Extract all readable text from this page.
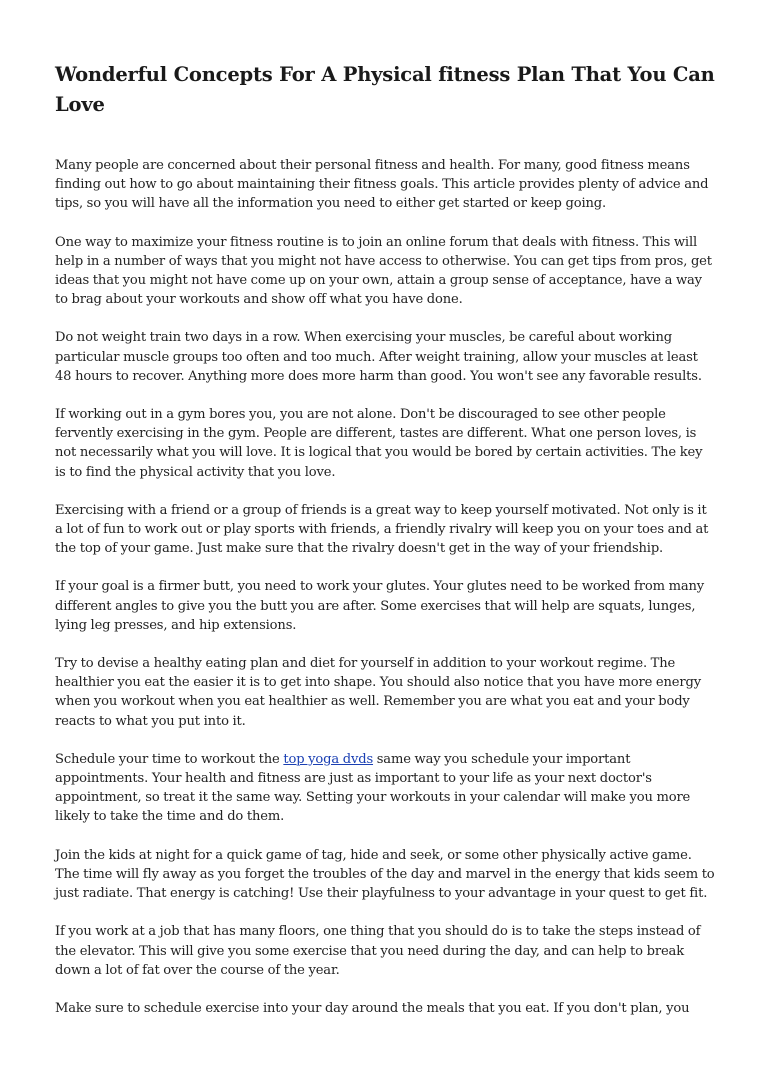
Wonderful Concepts For A Physical fitness Plan That You Can Love

Many people are concerned about their personal fitness and health. For many, good fitness means finding out how to go about maintaining their fitness goals. This article provides plenty of advice and tips, so you will have all the information you need to either get started or keep going.

One way to maximize your fitness routine is to join an online forum that deals with fitness. This will help in a number of ways that you might not have access to otherwise. You can get tips from pros, get ideas that you might not have come up on your own, attain a group sense of acceptance, have a way to brag about your workouts and show off what you have done.

Do not weight train two days in a row. When exercising your muscles, be careful about working particular muscle groups too often and too much. After weight training, allow your muscles at least 48 hours to recover. Anything more does more harm than good. You won't see any favorable results.

If working out in a gym bores you, you are not alone. Don't be discouraged to see other people fervently exercising in the gym. People are different, tastes are different. What one person loves, is not necessarily what you will love. It is logical that you would be bored by certain activities. The key is to find the physical activity that you love.

Exercising with a friend or a group of friends is a great way to keep yourself motivated. Not only is it a lot of fun to work out or play sports with friends, a friendly rivalry will keep you on your toes and at the top of your game. Just make sure that the rivalry doesn't get in the way of your friendship.

If your goal is a firmer butt, you need to work your glutes. Your glutes need to be worked from many different angles to give you the butt you are after. Some exercises that will help are squats, lunges, lying leg presses, and hip extensions.

Try to devise a healthy eating plan and diet for yourself in addition to your workout regime. The healthier you eat the easier it is to get into shape. You should also notice that you have more energy when you workout when you eat healthier as well. Remember you are what you eat and your body reacts to what you put into it.

Schedule your time to workout the top yoga dvds same way you schedule your important appointments. Your health and fitness are just as important to your life as your next doctor's appointment, so treat it the same way. Setting your workouts in your calendar will make you more likely to take the time and do them.

Join the kids at night for a quick game of tag, hide and seek, or some other physically active game. The time will fly away as you forget the troubles of the day and marvel in the energy that kids seem to just radiate. That energy is catching! Use their playfulness to your advantage in your quest to get fit.

If you work at a job that has many floors, one thing that you should do is to take the steps instead of the elevator. This will give you some exercise that you need during the day, and can help to break down a lot of fat over the course of the year.

Make sure to schedule exercise into your day around the meals that you eat. If you don't plan, you
